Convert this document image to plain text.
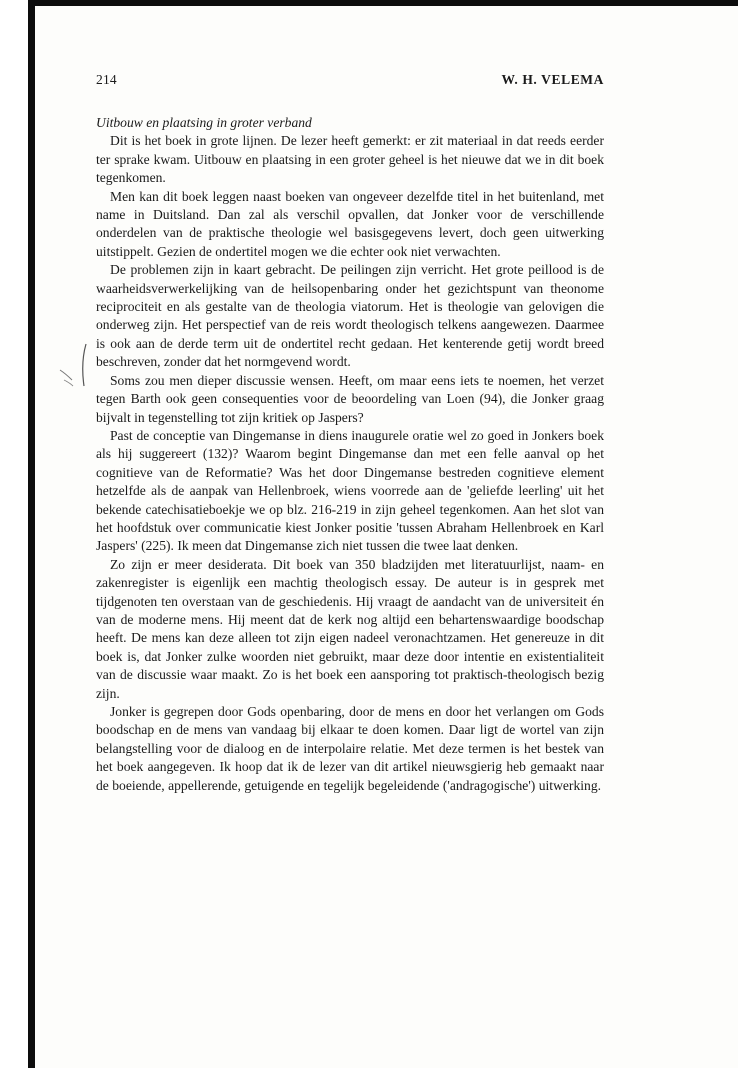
214	W. H. VELEMA

Uitbouw en plaatsing in groter verband

Dit is het boek in grote lijnen. De lezer heeft gemerkt: er zit materiaal in dat reeds eerder ter sprake kwam. Uitbouw en plaatsing in een groter geheel is het nieuwe dat we in dit boek tegenkomen.

Men kan dit boek leggen naast boeken van ongeveer dezelfde titel in het buitenland, met name in Duitsland. Dan zal als verschil opvallen, dat Jonker voor de verschillende onderdelen van de praktische theologie wel basisgegevens levert, doch geen uitwerking uitstippelt. Gezien de ondertitel mogen we die echter ook niet verwachten.

De problemen zijn in kaart gebracht. De peilingen zijn verricht. Het grote peillood is de waarheidsverwerkelijking van de heilsopenbaring onder het gezichtspunt van theonome reciprociteit en als gestalte van de theologia viatorum. Het is theologie van gelovigen die onderweg zijn. Het perspectief van de reis wordt theologisch telkens aangewezen. Daarmee is ook aan de derde term uit de ondertitel recht gedaan. Het kenterende getij wordt breed beschreven, zonder dat het normgevend wordt.

Soms zou men dieper discussie wensen. Heeft, om maar eens iets te noemen, het verzet tegen Barth ook geen consequenties voor de beoordeling van Loen (94), die Jonker graag bijvalt in tegenstelling tot zijn kritiek op Jaspers?

Past de conceptie van Dingemanse in diens inaugurele oratie wel zo goed in Jonkers boek als hij suggereert (132)? Waarom begint Dingemanse dan met een felle aanval op het cognitieve van de Reformatie? Was het door Dingemanse bestreden cognitieve element hetzelfde als de aanpak van Hellenbroek, wiens voorrede aan de 'geliefde leerling' uit het bekende catechisatieboekje we op blz. 216-219 in zijn geheel tegenkomen. Aan het slot van het hoofdstuk over communicatie kiest Jonker positie 'tussen Abraham Hellenbroek en Karl Jaspers' (225). Ik meen dat Dingemanse zich niet tussen die twee laat denken.

Zo zijn er meer desiderata. Dit boek van 350 bladzijden met literatuurlijst, naam- en zakenregister is eigenlijk een machtig theologisch essay. De auteur is in gesprek met tijdgenoten ten overstaan van de geschiedenis. Hij vraagt de aandacht van de universiteit én van de moderne mens. Hij meent dat de kerk nog altijd een behartenswaardige boodschap heeft. De mens kan deze alleen tot zijn eigen nadeel veronachtzamen. Het genereuze in dit boek is, dat Jonker zulke woorden niet gebruikt, maar deze door intentie en existentialiteit van de discussie waar maakt. Zo is het boek een aansporing tot praktisch-theologisch bezig zijn.

Jonker is gegrepen door Gods openbaring, door de mens en door het verlangen om Gods boodschap en de mens van vandaag bij elkaar te doen komen. Daar ligt de wortel van zijn belangstelling voor de dialoog en de interpolaire relatie. Met deze termen is het bestek van het boek aangegeven. Ik hoop dat ik de lezer van dit artikel nieuwsgierig heb gemaakt naar de boeiende, appellerende, getuigende en tegelijk begeleidende ('andragogische') uitwerking.
